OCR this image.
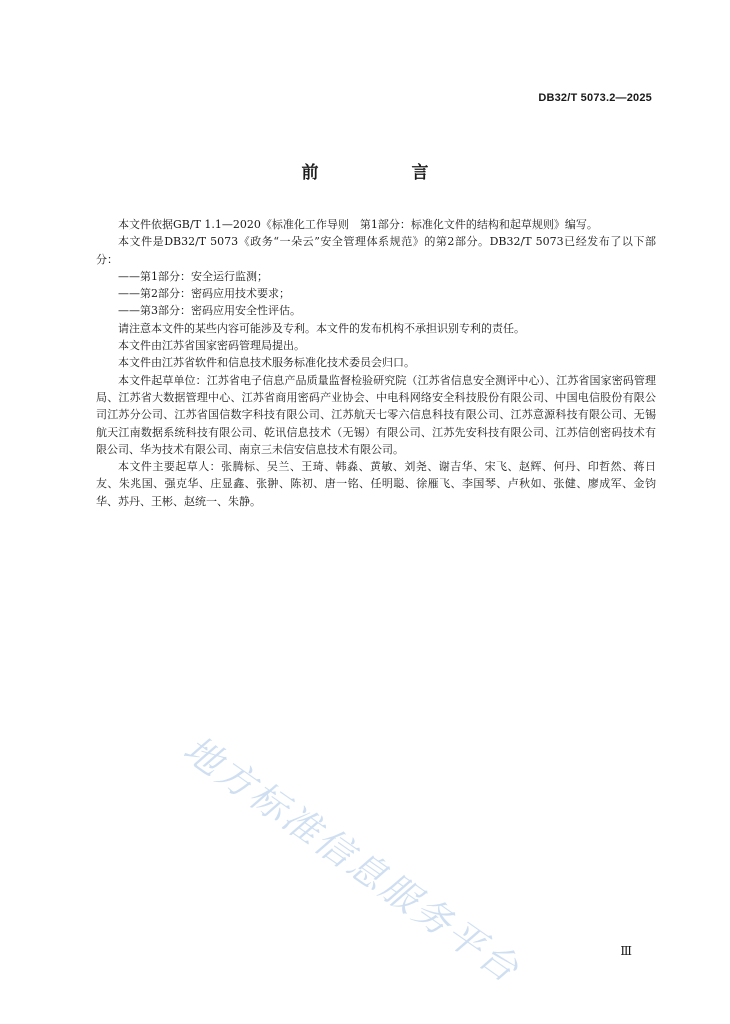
DB32/T 5073.2—2025
前　言

本文件依据GB/T 1.1—2020《标准化工作导则　第1部分：标准化文件的结构和起草规则》编写。

本文件是DB32/T 5073《政务“一朵云”安全管理体系规范》的第2部分。DB32/T 5073已经发布了以下部分：

——第1部分：安全运行监测；

——第2部分：密码应用技术要求；

——第3部分：密码应用安全性评估。

请注意本文件的某些内容可能涉及专利。本文件的发布机构不承担识别专利的责任。

本文件由江苏省国家密码管理局提出。

本文件由江苏省软件和信息技术服务标准化技术委员会归口。

本文件起草单位：江苏省电子信息产品质量监督检验研究院（江苏省信息安全测评中心）、江苏省国家密码管理局、江苏省大数据管理中心、江苏省商用密码产业协会、中电科网络安全科技股份有限公司、中国电信股份有限公司江苏分公司、江苏省国信数字科技有限公司、江苏航天七零六信息科技有限公司、江苏意源科技有限公司、无锡航天江南数据系统科技有限公司、乾讯信息技术（无锡）有限公司、江苏先安科技有限公司、江苏信创密码技术有限公司、华为技术有限公司、南京三未信安信息技术有限公司。

本文件主要起草人：张腾标、吴兰、王琦、韩淼、黄敏、刘尧、谢吉华、宋飞、赵辉、何丹、印哲然、蒋日友、朱兆国、强克华、庄显鑫、张翀、陈初、唐一铭、任明聪、徐雁飞、李国琴、卢秋如、张健、廖成军、金钧华、苏丹、王彬、赵统一、朱静。

地方标准信息服务平台	Ⅲ
